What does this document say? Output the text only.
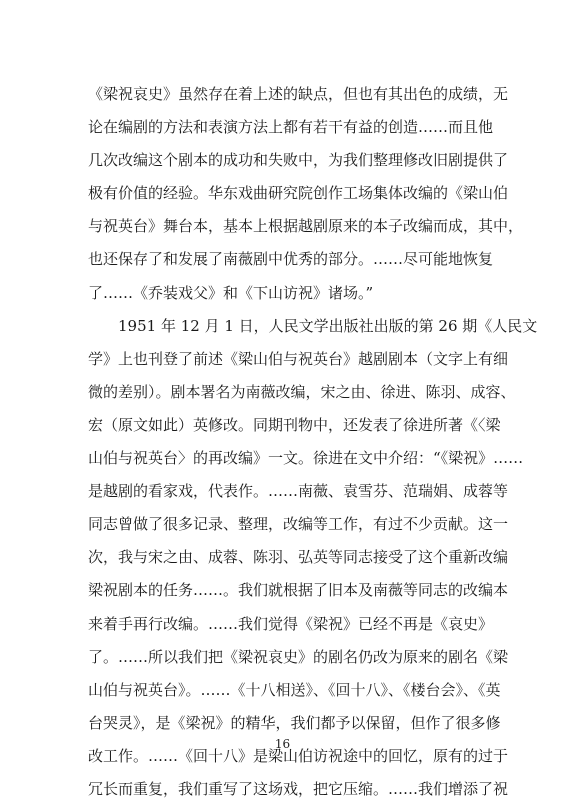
《梁祝哀史》虽然存在着上述的缺点，但也有其出色的成绩，无
论在编剧的方法和表演方法上都有若干有益的创造……而且他
几次改编这个剧本的成功和失败中，为我们整理修改旧剧提供了
极有价值的经验。华东戏曲研究院创作工场集体改编的《梁山伯
与祝英台》舞台本，基本上根据越剧原来的本子改编而成，其中，
也还保存了和发展了南薇剧中优秀的部分。……尽可能地恢复
了……《乔装戏父》和《下山访祝》诸场。”
　　1951 年 12 月 1 日，人民文学出版社出版的第 26 期《人民文
学》上也刊登了前述《梁山伯与祝英台》越剧剧本（文字上有细
微的差别）。剧本署名为南薇改编，宋之由、徐进、陈羽、成容、
宏（原文如此）英修改。同期刊物中，还发表了徐进所著《〈梁
山伯与祝英台〉的再改编》一文。徐进在文中介绍：“《梁祝》……
是越剧的看家戏，代表作。……南薇、袁雪芬、范瑞娟、成蓉等
同志曾做了很多记录、整理，改编等工作，有过不少贡献。这一
次，我与宋之由、成蓉、陈羽、弘英等同志接受了这个重新改编
梁祝剧本的任务……。我们就根据了旧本及南薇等同志的改编本
来着手再行改编。……我们觉得《梁祝》已经不再是《哀史》
了。……所以我们把《梁祝哀史》的剧名仍改为原来的剧名《梁
山伯与祝英台》。……《十八相送》、《回十八》、《楼台会》、《英
台哭灵》，是《梁祝》的精华，我们都予以保留，但作了很多修
改工作。……《回十八》是梁山伯访祝途中的回忆，原有的过于
冗长而重复，我们重写了这场戏，把它压缩。……我们增添了祝
16
